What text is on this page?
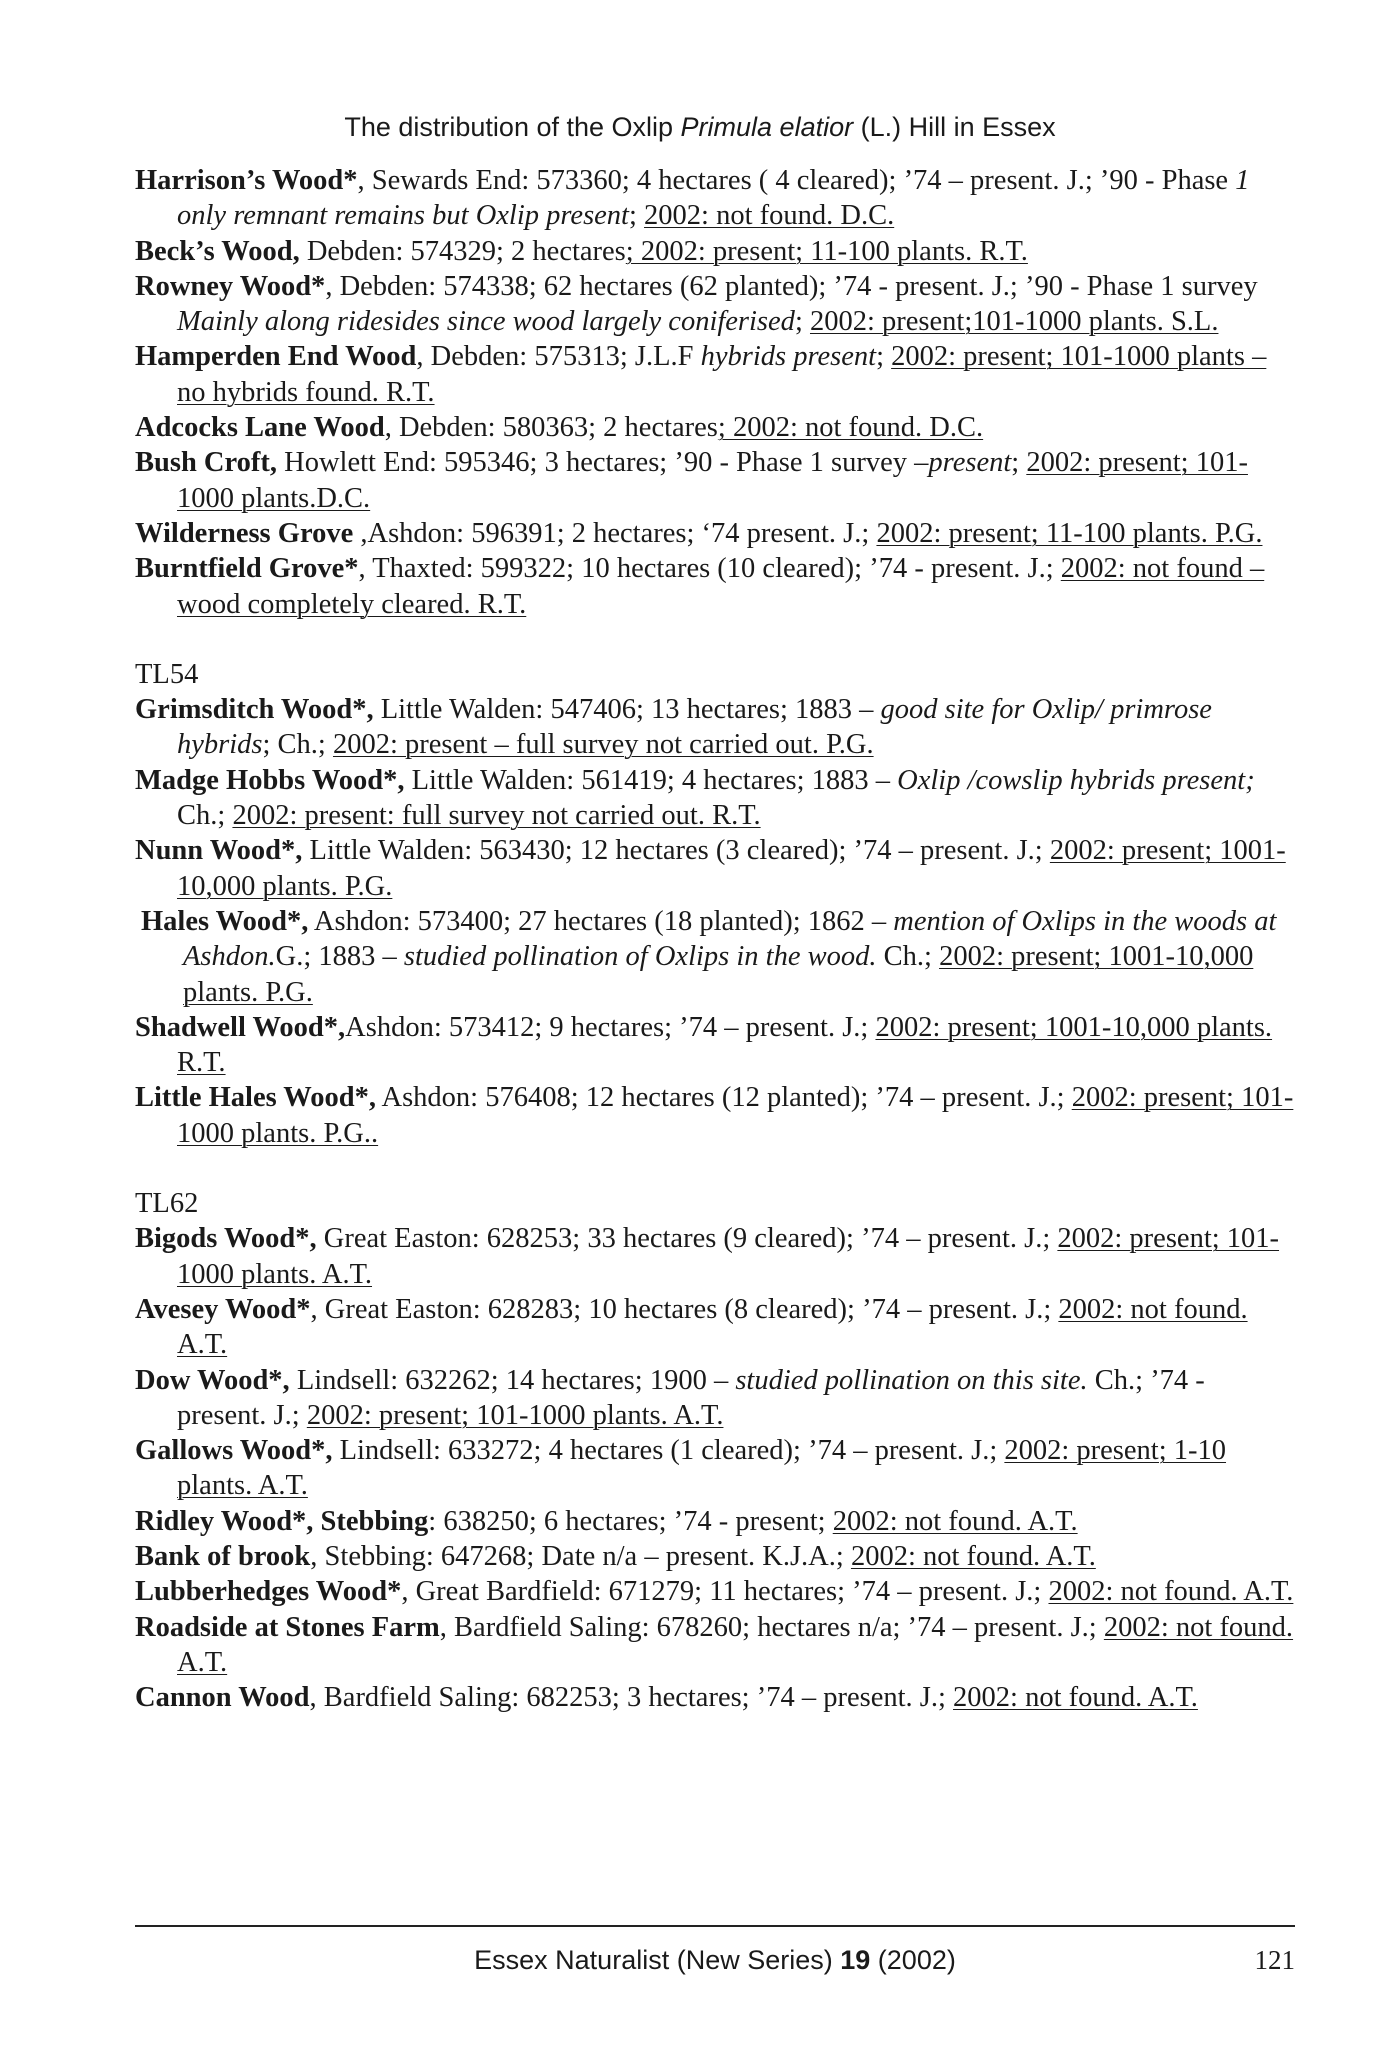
The distribution of the Oxlip Primula elatior (L.) Hill in Essex

Harrison’s Wood*, Sewards End: 573360; 4 hectares ( 4 cleared); ’74 – present. J.; ’90 - Phase 1 only remnant remains but Oxlip present; 2002: not found. D.C.

Beck’s Wood, Debden: 574329; 2 hectares; 2002: present; 11-100 plants. R.T.

Rowney Wood*, Debden: 574338; 62 hectares (62 planted); ’74 - present. J.; ’90 - Phase 1 survey Mainly along ridesides since wood largely coniferised; 2002: present;101-1000 plants. S.L.

Hamperden End Wood, Debden: 575313; J.L.F hybrids present; 2002: present; 101-1000 plants – no hybrids found. R.T.

Adcocks Lane Wood, Debden: 580363; 2 hectares; 2002: not found. D.C.

Bush Croft, Howlett End: 595346; 3 hectares; ’90 - Phase 1 survey –present; 2002: present; 101-1000 plants.D.C.

Wilderness Grove ,Ashdon: 596391; 2 hectares; ‘74 present. J.; 2002: present; 11-100 plants. P.G.

Burntfield Grove*, Thaxted: 599322; 10 hectares (10 cleared); ’74 - present. J.; 2002: not found – wood completely cleared. R.T.

TL54

Grimsditch Wood*, Little Walden: 547406; 13 hectares; 1883 – good site for Oxlip/ primrose hybrids; Ch.; 2002: present – full survey not carried out. P.G.

Madge Hobbs Wood*, Little Walden: 561419; 4 hectares; 1883 – Oxlip /cowslip hybrids present; Ch.; 2002: present: full survey not carried out. R.T.

Nunn Wood*, Little Walden: 563430; 12 hectares (3 cleared); ’74 – present. J.; 2002: present; 1001-10,000 plants. P.G.

Hales Wood*, Ashdon: 573400; 27 hectares (18 planted); 1862 – mention of Oxlips in the woods at Ashdon.G.; 1883 – studied pollination of Oxlips in the wood. Ch.; 2002: present; 1001-10,000 plants. P.G.

Shadwell Wood*,Ashdon: 573412; 9 hectares; ’74 – present. J.; 2002: present; 1001-10,000 plants. R.T.

Little Hales Wood*, Ashdon: 576408; 12 hectares (12 planted); ’74 – present. J.; 2002: present; 101-1000 plants. P.G..

TL62

Bigods Wood*, Great Easton: 628253; 33 hectares (9 cleared); ’74 – present. J.; 2002: present; 101-1000 plants. A.T.

Avesey Wood*, Great Easton: 628283; 10 hectares (8 cleared); ’74 – present. J.; 2002: not found. A.T.

Dow Wood*, Lindsell: 632262; 14 hectares; 1900 – studied pollination on this site. Ch.; ’74 - present. J.; 2002: present; 101-1000 plants. A.T.

Gallows Wood*, Lindsell: 633272; 4 hectares (1 cleared); ’74 – present. J.; 2002: present; 1-10 plants. A.T.

Ridley Wood*, Stebbing: 638250; 6 hectares; ’74 - present; 2002: not found. A.T.

Bank of brook, Stebbing: 647268; Date n/a – present. K.J.A.; 2002: not found. A.T.

Lubberhedges Wood*, Great Bardfield: 671279; 11 hectares; ’74 – present. J.; 2002: not found. A.T.

Roadside at Stones Farm, Bardfield Saling: 678260; hectares n/a; ’74 – present. J.; 2002: not found. A.T.

Cannon Wood, Bardfield Saling: 682253; 3 hectares; ’74 – present. J.; 2002: not found. A.T.

Essex Naturalist (New Series) 19 (2002)	121
